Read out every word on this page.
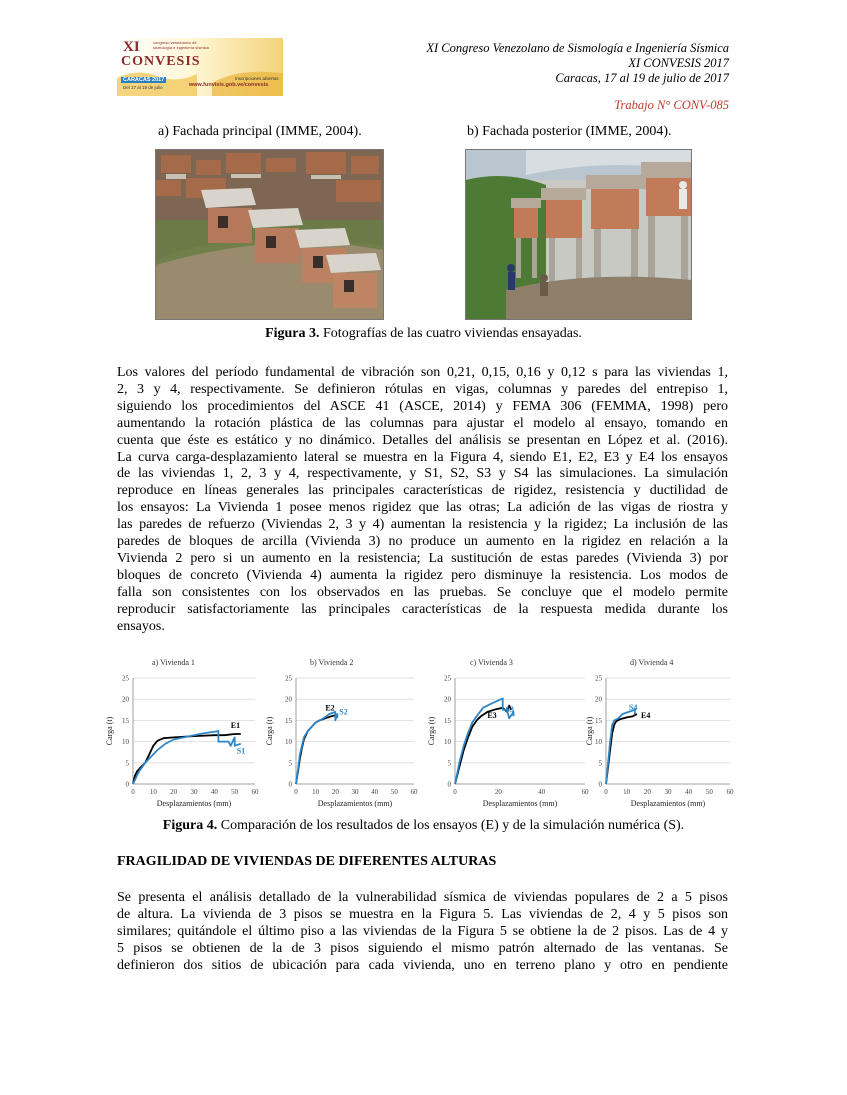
XI
CONVESIS
congreso venezolano de sismología e ingeniería sísmica
CARACAS 2017
Del 17 al 19 de julio
Inscripciones abiertas
www.funvisis.gob.ve/convesis
XI Congreso Venezolano de Sismología e Ingeniería Sísmica
XI CONVESIS 2017
Caracas, 17 al 19 de julio de 2017
Trabajo N° CONV-085
a) Fachada principal (IMME, 2004).	b) Fachada posterior (IMME, 2004).
Figura 3. Fotografías de las cuatro viviendas ensayadas.
Los valores del período fundamental de vibración son 0,21, 0,15, 0,16 y 0,12 s para las viviendas 1,
2, 3 y 4, respectivamente. Se definieron rótulas en vigas, columnas y paredes del entrepiso 1,
siguiendo los procedimientos del ASCE 41 (ASCE, 2014) y FEMA 306 (FEMMA, 1998) pero
aumentando la rotación plástica de las columnas para ajustar el modelo al ensayo, tomando en
cuenta que éste es estático y no dinámico. Detalles del análisis se presentan en López et al. (2016).
La curva carga-desplazamiento lateral se muestra en la Figura 4, siendo E1, E2, E3 y E4 los ensayos
de las viviendas 1, 2, 3 y 4, respectivamente, y S1, S2, S3 y S4 las simulaciones. La simulación
reproduce en líneas generales las principales características de rigidez, resistencia y ductilidad de
los ensayos: La Vivienda 1 posee menos rigidez que las otras; La adición de las vigas de riostra y
las paredes de refuerzo (Viviendas 2, 3 y 4) aumentan la resistencia y la rigidez; La inclusión de las
paredes de bloques de arcilla (Vivienda 3) no produce un aumento en la rigidez en relación a la
Vivienda 2 pero si un aumento en la resistencia; La sustitución de estas paredes (Vivienda 3) por
bloques de concreto (Vivienda 4) aumenta la rigidez pero disminuye la resistencia. Los modos de
falla son consistentes con los observados en las pruebas. Se concluye que el modelo permite
reproducir satisfactoriamente las principales características de la respuesta medida durante los
ensayos.
a) Vivienda 1
0
5
10
15
20
25
0 10 20 30 40 50 60
Desplazamientos (mm)
Carga (t)	E1
S1
b) Vivienda 2
0
5
10
15
20
25
0 10 20 30 40 50 60
Desplazamientos (mm)
Carga (t)
E2 S2
c) Vivienda 3
0
5
10
15
20
25
0	20	40	60
Desplazamientos (mm)
Carga (t)
E3
S3
d) Vivienda 4
0
5
10
15
20
25
0 10 20 30 40 50 60
Desplazamientos (mm)
Carga (t)
E4
S4
Figura 4. Comparación de los resultados de los ensayos (E) y de la simulación numérica (S).
FRAGILIDAD DE VIVIENDAS DE DIFERENTES ALTURAS
Se presenta el análisis detallado de la vulnerabilidad sísmica de viviendas populares de 2 a 5 pisos
de altura. La vivienda de 3 pisos se muestra en la Figura 5. Las viviendas de 2, 4 y 5 pisos son
similares; quitándole el último piso a las viviendas de la Figura 5 se obtiene la de 2 pisos. Las de 4 y
5 pisos se obtienen de la de 3 pisos siguiendo el mismo patrón alternado de las ventanas. Se
definieron dos sitios de ubicación para cada vivienda, uno en terreno plano y otro en pendiente
